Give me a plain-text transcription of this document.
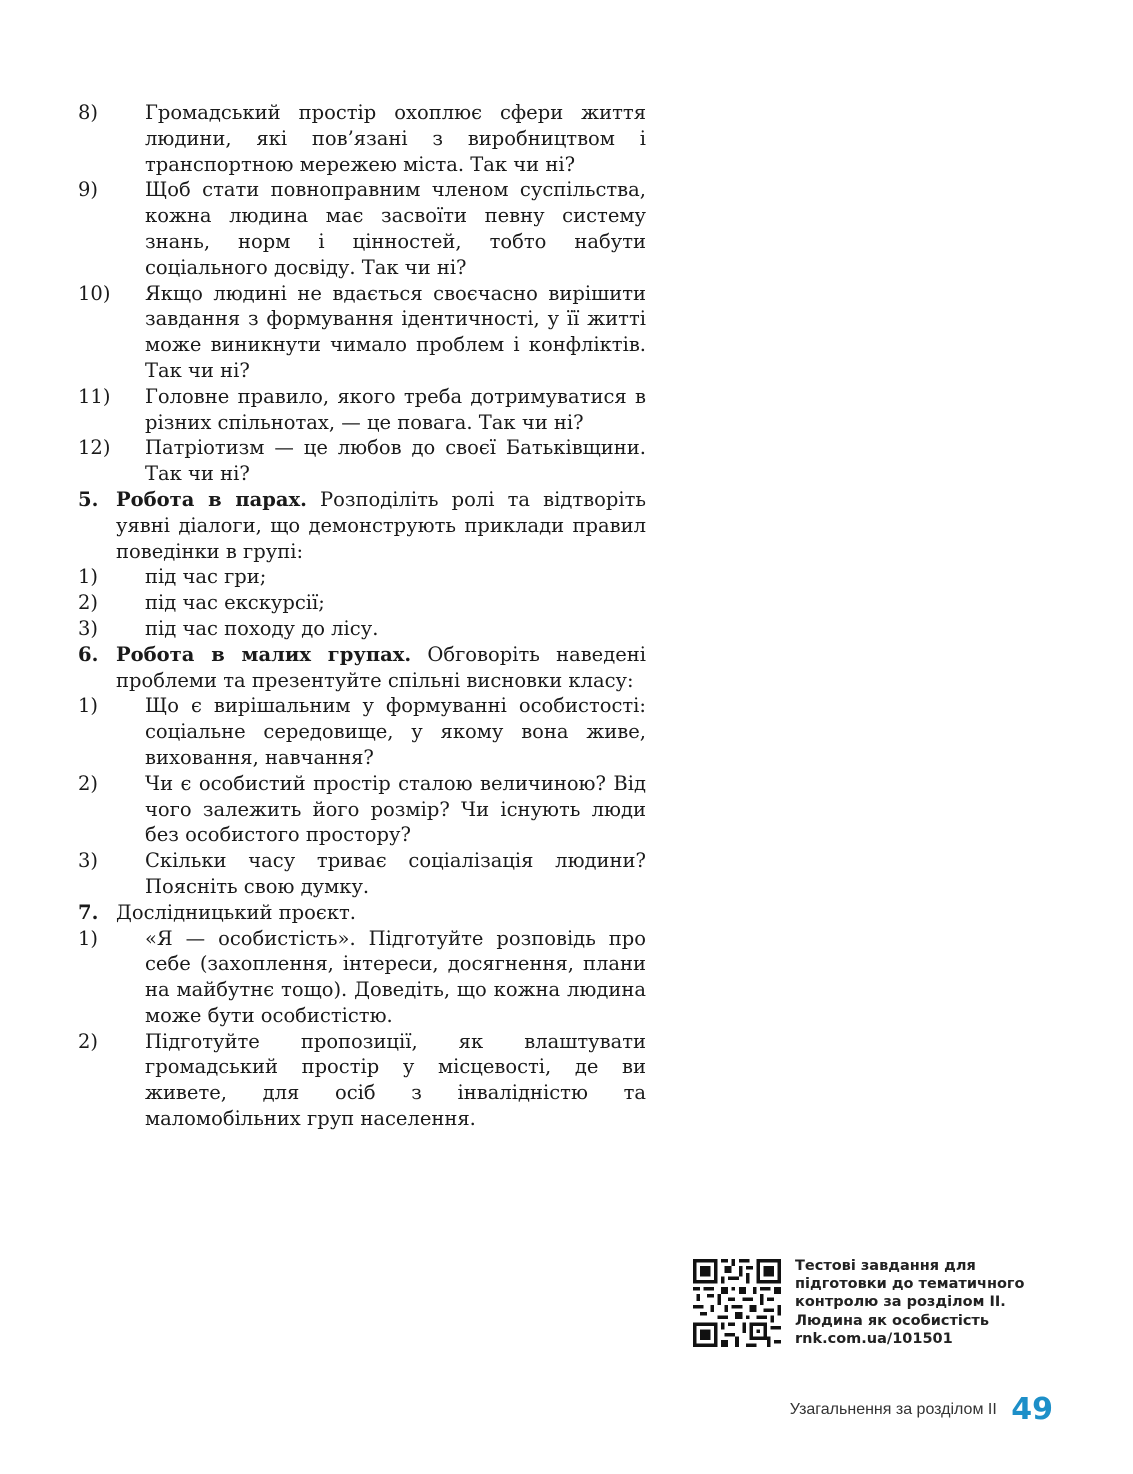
8)	Громадський простір охоплює сфери життя людини, які пов’язані з виробництвом і транспортною мережею міста. Так чи ні?
9)	Щоб стати повноправним членом суспільства, кожна людина має засвоїти певну систему знань, норм і цінностей, тобто набути соціального досвіду. Так чи ні?
10)	Якщо людині не вдається своєчасно вирішити завдання з формування ідентичності, у її житті може виникнути чимало проблем і конфліктів. Так чи ні?
11)	Головне правило, якого треба дотримуватися в різних спільнотах, — це повага. Так чи ні?
12)	Патріотизм — це любов до своєї Батьківщини. Так чи ні?
5. Робота в парах. Розподіліть ролі та відтворіть уявні діалоги, що демонструють приклади правил поведінки в групі:
1)	під час гри;
2)	під час екскурсії;
3)	під час походу до лісу.
6. Робота в малих групах. Обговоріть наведені проблеми та презентуйте спільні висновки класу:
1)	Що є вирішальним у формуванні особистості: соціальне середовище, у якому вона живе, виховання, навчання?
2)	Чи є особистий простір сталою величиною? Від чого залежить його розмір? Чи існують люди без особистого простору?
3)	Скільки часу триває соціалізація людини? Поясніть свою думку.
7. Дослідницький проєкт.
1)	«Я — особистість». Підготуйте розповідь про себе (захоплення, інтереси, досягнення, плани на майбутнє тощо). Доведіть, що кожна людина може бути особистістю.
2)	Підготуйте пропозиції, як влаштувати громадський простір у місцевості, де ви живете, для осіб з інвалідністю та маломобільних груп населення.
Тестові завдання для
підготовки до тематичного
контролю за розділом ІІ.
Людина як особистість
rnk.com.ua/101501
Узагальнення за розділом ІІ 49
